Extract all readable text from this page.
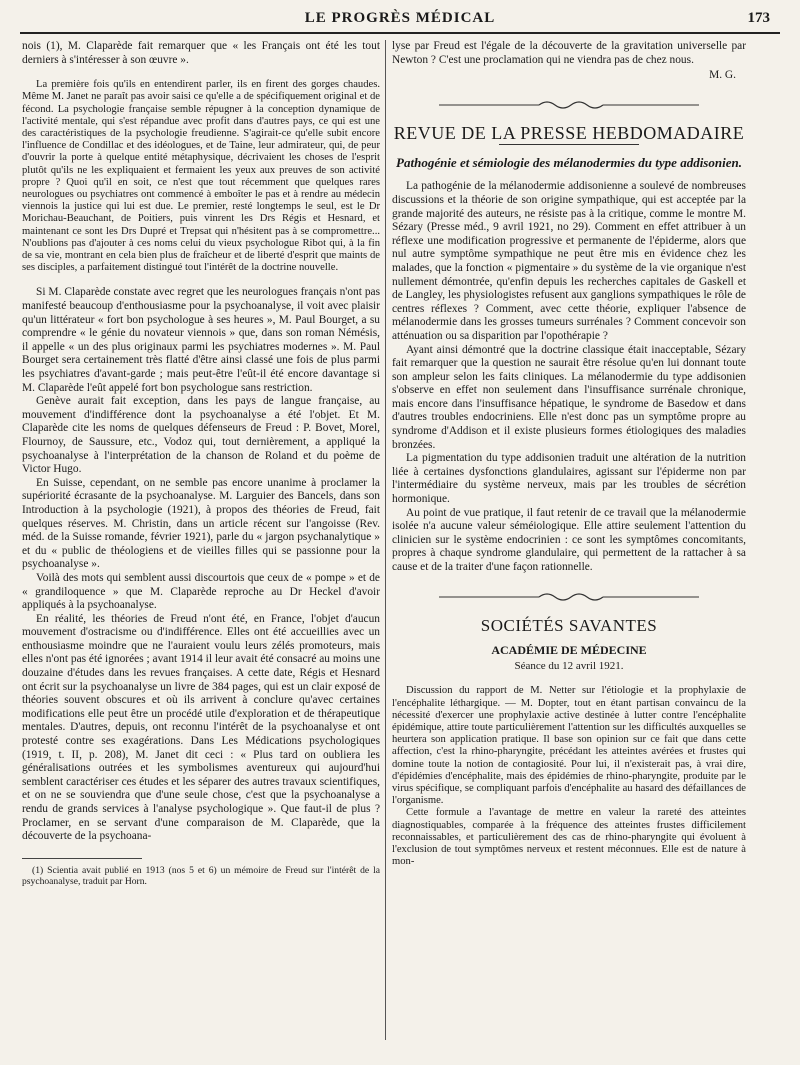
LE PROGRÈS MÉDICAL	173

nois (1), M. Claparède fait remarquer que « les Français ont été les tout derniers à s'intéresser à son œuvre ».

La première fois qu'ils en entendirent parler, ils en firent des gorges chaudes. Même M. Janet ne paraît pas avoir saisi ce qu'elle a de spécifiquement original et de fécond. La psychologie française semble répugner à la conception dynamique de l'activité mentale, qui s'est répandue avec profit dans d'autres pays, ce qui est une des caractéristiques de la psychologie freudienne. S'agirait-ce qu'elle subit encore l'influence de Condillac et des idéologues, et de Taine, leur admirateur, qui, de peur d'ouvrir la porte à quelque entité métaphysique, décrivaient les choses de l'esprit plutôt qu'ils ne les expliquaient et fermaient les yeux aux preuves de son activité propre ? Quoi qu'il en soit, ce n'est que tout récemment que quelques rares neurologues ou psychiatres ont commencé à emboîter le pas et à rendre au médecin viennois la justice qui lui est due. Le premier, resté longtemps le seul, est le Dr Morichau-Beauchant, de Poitiers, puis vinrent les Drs Régis et Hesnard, et maintenant ce sont les Drs Dupré et Trepsat qui n'hésitent pas à se compromettre... N'oublions pas d'ajouter à ces noms celui du vieux psychologue Ribot qui, à la fin de sa vie, montrant en cela bien plus de fraîcheur et de liberté d'esprit que maints de ses disciples, a parfaitement distingué tout l'intérêt de la doctrine nouvelle.

Si M. Claparède constate avec regret que les neurologues français n'ont pas manifesté beaucoup d'enthousiasme pour la psychoanalyse, il voit avec plaisir qu'un littérateur « fort bon psychologue à ses heures », M. Paul Bourget, a su comprendre « le génie du novateur viennois » que, dans son roman Némésis, il appelle « un des plus originaux parmi les psychiatres modernes ». M. Paul Bourget sera certainement très flatté d'être ainsi classé une fois de plus parmi les psychiatres d'avant-garde ; mais peut-être l'eût-il été encore davantage si M. Claparède l'eût appelé fort bon psychologue sans restriction.

Genève aurait fait exception, dans les pays de langue française, au mouvement d'indifférence dont la psychoanalyse a été l'objet. Et M. Claparède cite les noms de quelques défenseurs de Freud : P. Bovet, Morel, Flournoy, de Saussure, etc., Vodoz qui, tout dernièrement, a appliqué la psychoanalyse à l'interprétation de la chanson de Roland et du poème de Victor Hugo.

En Suisse, cependant, on ne semble pas encore unanime à proclamer la supériorité écrasante de la psychoanalyse. M. Larguier des Bancels, dans son Introduction à la psychologie (1921), à propos des théories de Freud, fait quelques réserves. M. Christin, dans un article récent sur l'angoisse (Rev. méd. de la Suisse romande, février 1921), parle du « jargon psychanalytique » et du « public de théologiens et de vieilles filles qui se passionne pour la psychoanalyse ».

Voilà des mots qui semblent aussi discourtois que ceux de « pompe » et de « grandiloquence » que M. Claparède reproche au Dr Heckel d'avoir appliqués à la psychoanalyse.

En réalité, les théories de Freud n'ont été, en France, l'objet d'aucun mouvement d'ostracisme ou d'indifférence. Elles ont été accueillies avec un enthousiasme moindre que ne l'auraient voulu leurs zélés promoteurs, mais elles n'ont pas été ignorées ; avant 1914 il leur avait été consacré au moins une douzaine d'études dans les revues françaises. A cette date, Régis et Hesnard ont écrit sur la psychoanalyse un livre de 384 pages, qui est un clair exposé de théories souvent obscures et où ils arrivent à conclure qu'avec certaines modifications elle peut être un procédé utile d'exploration et de thérapeutique mentales. D'autres, depuis, ont reconnu l'intérêt de la psychoanalyse et ont protesté contre ses exagérations. Dans Les Médications psychologiques (1919, t. II, p. 208), M. Janet dit ceci : « Plus tard on oubliera les généralisations outrées et les symbolismes aventureux qui aujourd'hui semblent caractériser ces études et les séparer des autres travaux scientifiques, et on ne se souviendra que d'une seule chose, c'est que la psychoanalyse a rendu de grands services à l'analyse psychologique ». Que faut-il de plus ? Proclamer, en se servant d'une comparaison de M. Claparède, que la découverte de la psychoana-

(1) Scientia avait publié en 1913 (nos 5 et 6) un mémoire de Freud sur l'intérêt de la psychoanalyse, traduit par Horn.

lyse par Freud est l'égale de la découverte de la gravitation universelle par Newton ? C'est une proclamation qui ne viendra pas de chez nous.

M. G.
REVUE DE LA PRESSE HEBDOMADAIRE
Pathogénie et sémiologie des mélanodermies du type addisonien.

La pathogénie de la mélanodermie addisonienne a soulevé de nombreuses discussions et la théorie de son origine sympathique, qui est acceptée par la grande majorité des auteurs, ne résiste pas à la critique, comme le montre M. Sézary (Presse méd., 9 avril 1921, no 29). Comment en effet attribuer à un réflexe une modification progressive et permanente de l'épiderme, alors que nul autre symptôme sympathique ne peut être mis en évidence chez les malades, que la fonction « pigmentaire » du système de la vie organique n'est nullement démontrée, qu'enfin depuis les recherches capitales de Gaskell et de Langley, les physiologistes refusent aux ganglions sympathiques le rôle de centres réflexes ? Comment, avec cette théorie, expliquer l'absence de mélanodermie dans les grosses tumeurs surrénales ? Comment concevoir son atténuation ou sa disparition par l'opothérapie ?

Ayant ainsi démontré que la doctrine classique était inacceptable, Sézary fait remarquer que la question ne saurait être résolue qu'en lui donnant toute son ampleur selon les faits cliniques. La mélanodermie du type addisonien s'observe en effet non seulement dans l'insuffisance surrénale chronique, mais encore dans l'insuffisance hépatique, le syndrome de Basedow et dans d'autres troubles endocriniens. Elle n'est donc pas un symptôme propre au syndrome d'Addison et il existe plusieurs formes étiologiques des maladies bronzées.

La pigmentation du type addisonien traduit une altération de la nutrition liée à certaines dysfonctions glandulaires, agissant sur l'épiderme non par l'intermédiaire du système nerveux, mais par les troubles de sécrétion hormonique.

Au point de vue pratique, il faut retenir de ce travail que la mélanodermie isolée n'a aucune valeur séméiologique. Elle attire seulement l'attention du clinicien sur le système endocrinien : ce sont les symptômes concomitants, propres à chaque syndrome glandulaire, qui permettent de la rattacher à sa cause et de la traiter d'une façon rationnelle.

SOCIÉTÉS SAVANTES
ACADÉMIE DE MÉDECINE
Séance du 12 avril 1921.

Discussion du rapport de M. Netter sur l'étiologie et la prophylaxie de l'encéphalite léthargique. — M. Dopter, tout en étant partisan convaincu de la nécessité d'exercer une prophylaxie active destinée à lutter contre l'encéphalite épidémique, attire toute particulièrement l'attention sur les difficultés auxquelles se heurtera son application pratique. Il base son opinion sur ce fait que dans cette affection, c'est la rhino-pharyngite, précédant les atteintes avérées et frustes qui domine toute la notion de contagiosité. Pour lui, il n'existerait pas, à vrai dire, d'épidémies d'encéphalite, mais des épidémies de rhino-pharyngite, produite par le virus spécifique, se compliquant parfois d'encéphalite au hasard des défaillances de l'organisme.

Cette formule a l'avantage de mettre en valeur la rareté des atteintes diagnostiquables, comparée à la fréquence des atteintes frustes difficilement reconnaissables, et particulièrement des cas de rhino-pharyngite qui évoluent à l'exclusion de tout symptômes nerveux et restent méconnues. Elle est de nature à mon-
